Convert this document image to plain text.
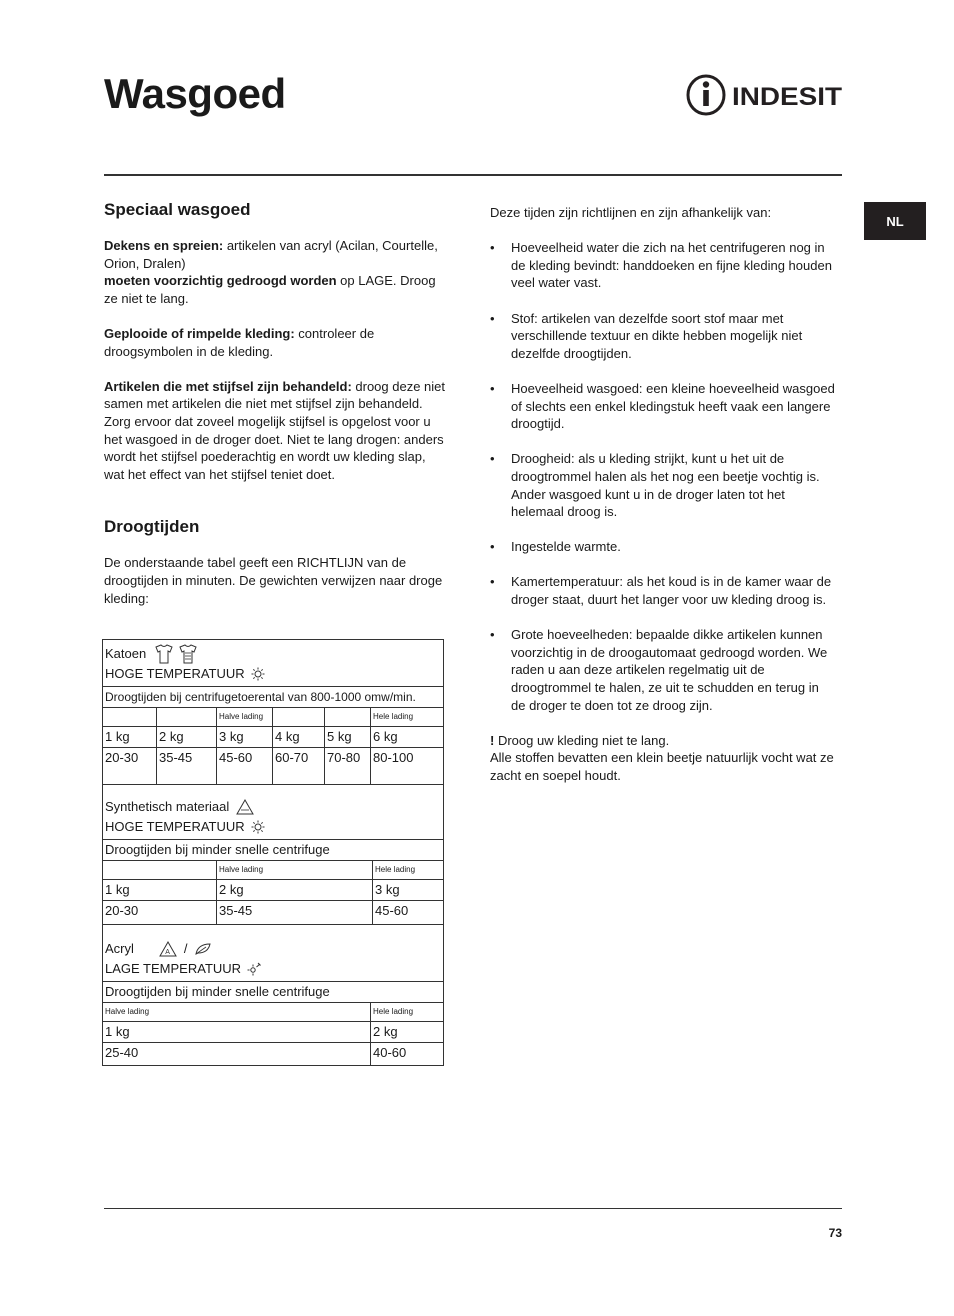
Wasgoed	INDESIT
NL
Speciaal wasgoed

Dekens en spreien: artikelen van acryl (Acilan, Courtelle, Orion, Dralen)
moeten voorzichtig gedroogd worden op LAGE. Droog ze niet te lang.

Geplooide of rimpelde kleding: controleer de droogsymbolen in de kleding.

Artikelen die met stijfsel zijn behandeld: droog deze niet samen met artikelen die niet met stijfsel zijn behandeld. Zorg ervoor dat zoveel mogelijk stijfsel is opgelost voor u het wasgoed in de droger doet. Niet te lang drogen: anders wordt het stijfsel poederachtig en wordt uw kleding slap, wat het effect van het stijfsel teniet doet.

Droogtijden

De onderstaande tabel geeft een RICHTLIJN van de droogtijden in minuten. De gewichten verwijzen naar droge kleding:

Katoen
HOGE TEMPERATUUR
Droogtijden bij centrifugetoerental van 800-1000 omw/min.
Halve lading	Hele lading
1 kg	2 kg	3 kg	4 kg	5 kg	6 kg
20-30	35-45	45-60	60-70	70-80 80-100
Synthetisch materiaal
HOGE TEMPERATUUR
Droogtijden bij minder snelle centrifuge
Halve lading	Hele lading
1 kg	2 kg	3 kg
20-30	35-45	45-60
Acryl	A /
LAGE TEMPERATUUR
Droogtijden bij minder snelle centrifuge
Halve lading	Hele lading
1 kg	2 kg
25-40	40-60

Deze tijden zijn richtlijnen en zijn afhankelijk van:

• Hoeveelheid water die zich na het centrifugeren nog in de kleding bevindt: handdoeken en fijne kleding houden veel water vast.
• Stof: artikelen van dezelfde soort stof maar met verschillende textuur en dikte hebben mogelijk niet dezelfde droogtijden.
• Hoeveelheid wasgoed: een kleine hoeveelheid wasgoed of slechts een enkel kledingstuk heeft vaak een langere droogtijd.
• Droogheid: als u kleding strijkt, kunt u het uit de droogtrommel halen als het nog een beetje vochtig is. Ander wasgoed kunt u in de droger laten tot het helemaal droog is.
• Ingestelde warmte.
• Kamertemperatuur: als het koud is in de kamer waar de droger staat, duurt het langer voor uw kleding droog is.
• Grote hoeveelheden: bepaalde dikke artikelen kunnen voorzichtig in de droogautomaat gedroogd worden. We raden u aan deze artikelen regelmatig uit de droogtrommel te halen, ze uit te schudden en terug in de droger te doen tot ze droog zijn.

! Droog uw kleding niet te lang.

Alle stoffen bevatten een klein beetje natuurlijk vocht wat ze zacht en soepel houdt.

73
